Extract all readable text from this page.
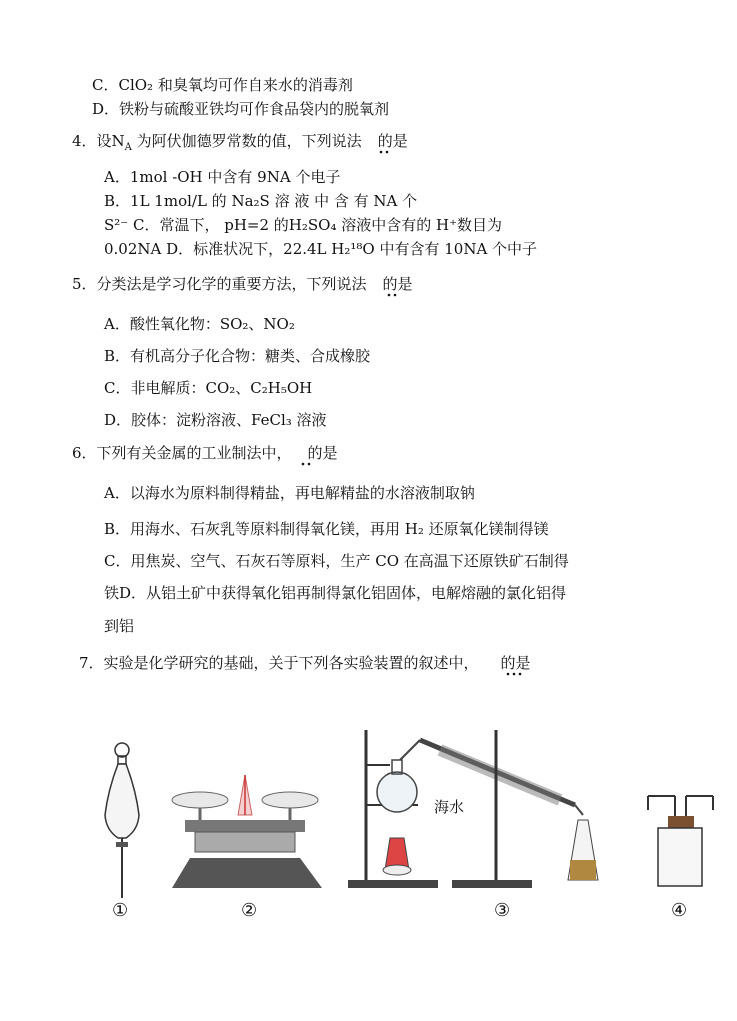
C．ClO₂ 和臭氧均可作自来水的消毒剂
D．铁粉与硫酸亚铁均可作食品袋内的脱氧剂
4．设$N_A$ 为阿伏伽德罗常数的值，下列说法 的是
A．1mol -OH 中含有 9NA 个电子
B．1L 1mol/L 的 Na₂S 溶 液 中 含 有 NA 个
S²⁻ C．常温下， pH=2 的H₂SO₄ 溶液中含有的 H⁺数目为
0.02NA D．标准状况下，22.4L H₂¹⁸O 中有含有 10NA 个中子
5．分类法是学习化学的重要方法，下列说法 的是
A．酸性氧化物：SO₂、NO₂
B．有机高分子化合物：糖类、合成橡胶
C．非电解质：CO₂、C₂H₅OH
D．胶体：淀粉溶液、FeCl₃ 溶液
6．下列有关金属的工业制法中， 的是
A．以海水为原料制得精盐，再电解精盐的水溶液制取钠
B．用海水、石灰乳等原料制得氧化镁，再用 H₂ 还原氧化镁制得镁
C．用焦炭、空气、石灰石等原料，生产 CO 在高温下还原铁矿石制得
铁D．从铝土矿中获得氧化铝再制得氯化铝固体，电解熔融的氯化铝得
到铝
7．实验是化学研究的基础，关于下列各实验装置的叙述中， 的是
①	②	③	④
海水
